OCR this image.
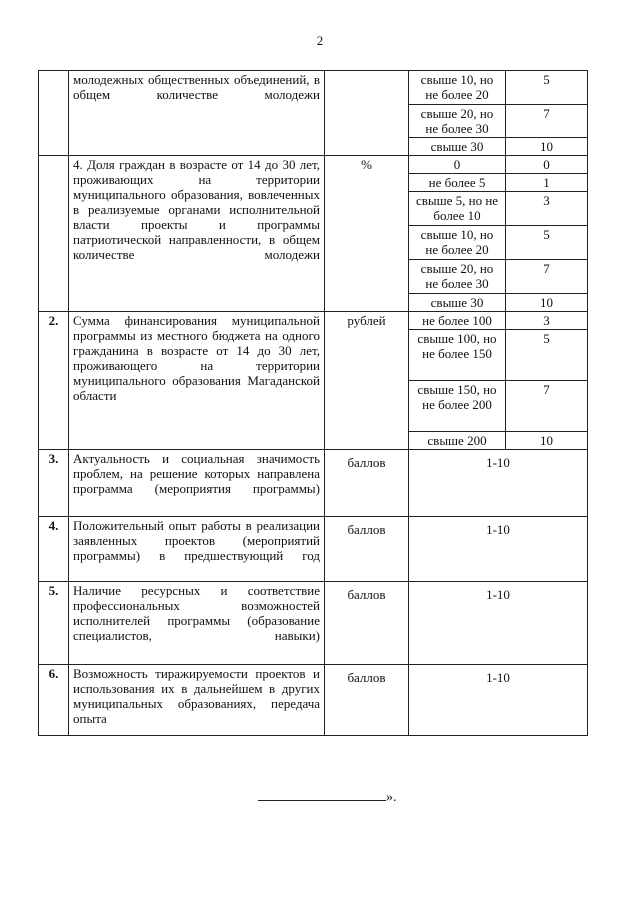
2
	молодежных общественных объединений, в общем количестве молодежи		свыше 10, но не более 20	5
			свыше 20, но не более 30	7
			свыше 30	10
	4. Доля граждан в возрасте от 14 до 30 лет, проживающих на территории муниципального образования, вовлеченных в реализуемые органами исполнительной власти проекты и программы патриотической направленности, в общем количестве молодежи	%	0	0
			не более 5	1
			свыше 5, но не более 10	3
			свыше 10, но не более 20	5
			свыше 20, но не более 30	7
			свыше 30	10
2.	Сумма финансирования муниципальной программы из местного бюджета на одного гражданина в возрасте от 14 до 30 лет, проживающего на территории муниципального образования Магаданской области	рублей	не более 100	3
			свыше 100, но не более 150	5
			свыше 150, но не более 200	7
			свыше 200	10
3.	Актуальность и социальная значимость проблем, на решение которых направлена программа (мероприятия программы)	баллов	1-10	
4.	Положительный опыт работы в реализации заявленных проектов (мероприятий программы) в предшествующий год	баллов	1-10	
5.	Наличие ресурсных и соответствие профессиональных возможностей исполнителей программы (образование специалистов, навыки)	баллов	1-10	
6.	Возможность тиражируемости проектов и использования их в дальнейшем в других муниципальных образованиях, передача опыта	баллов	1-10	
».
